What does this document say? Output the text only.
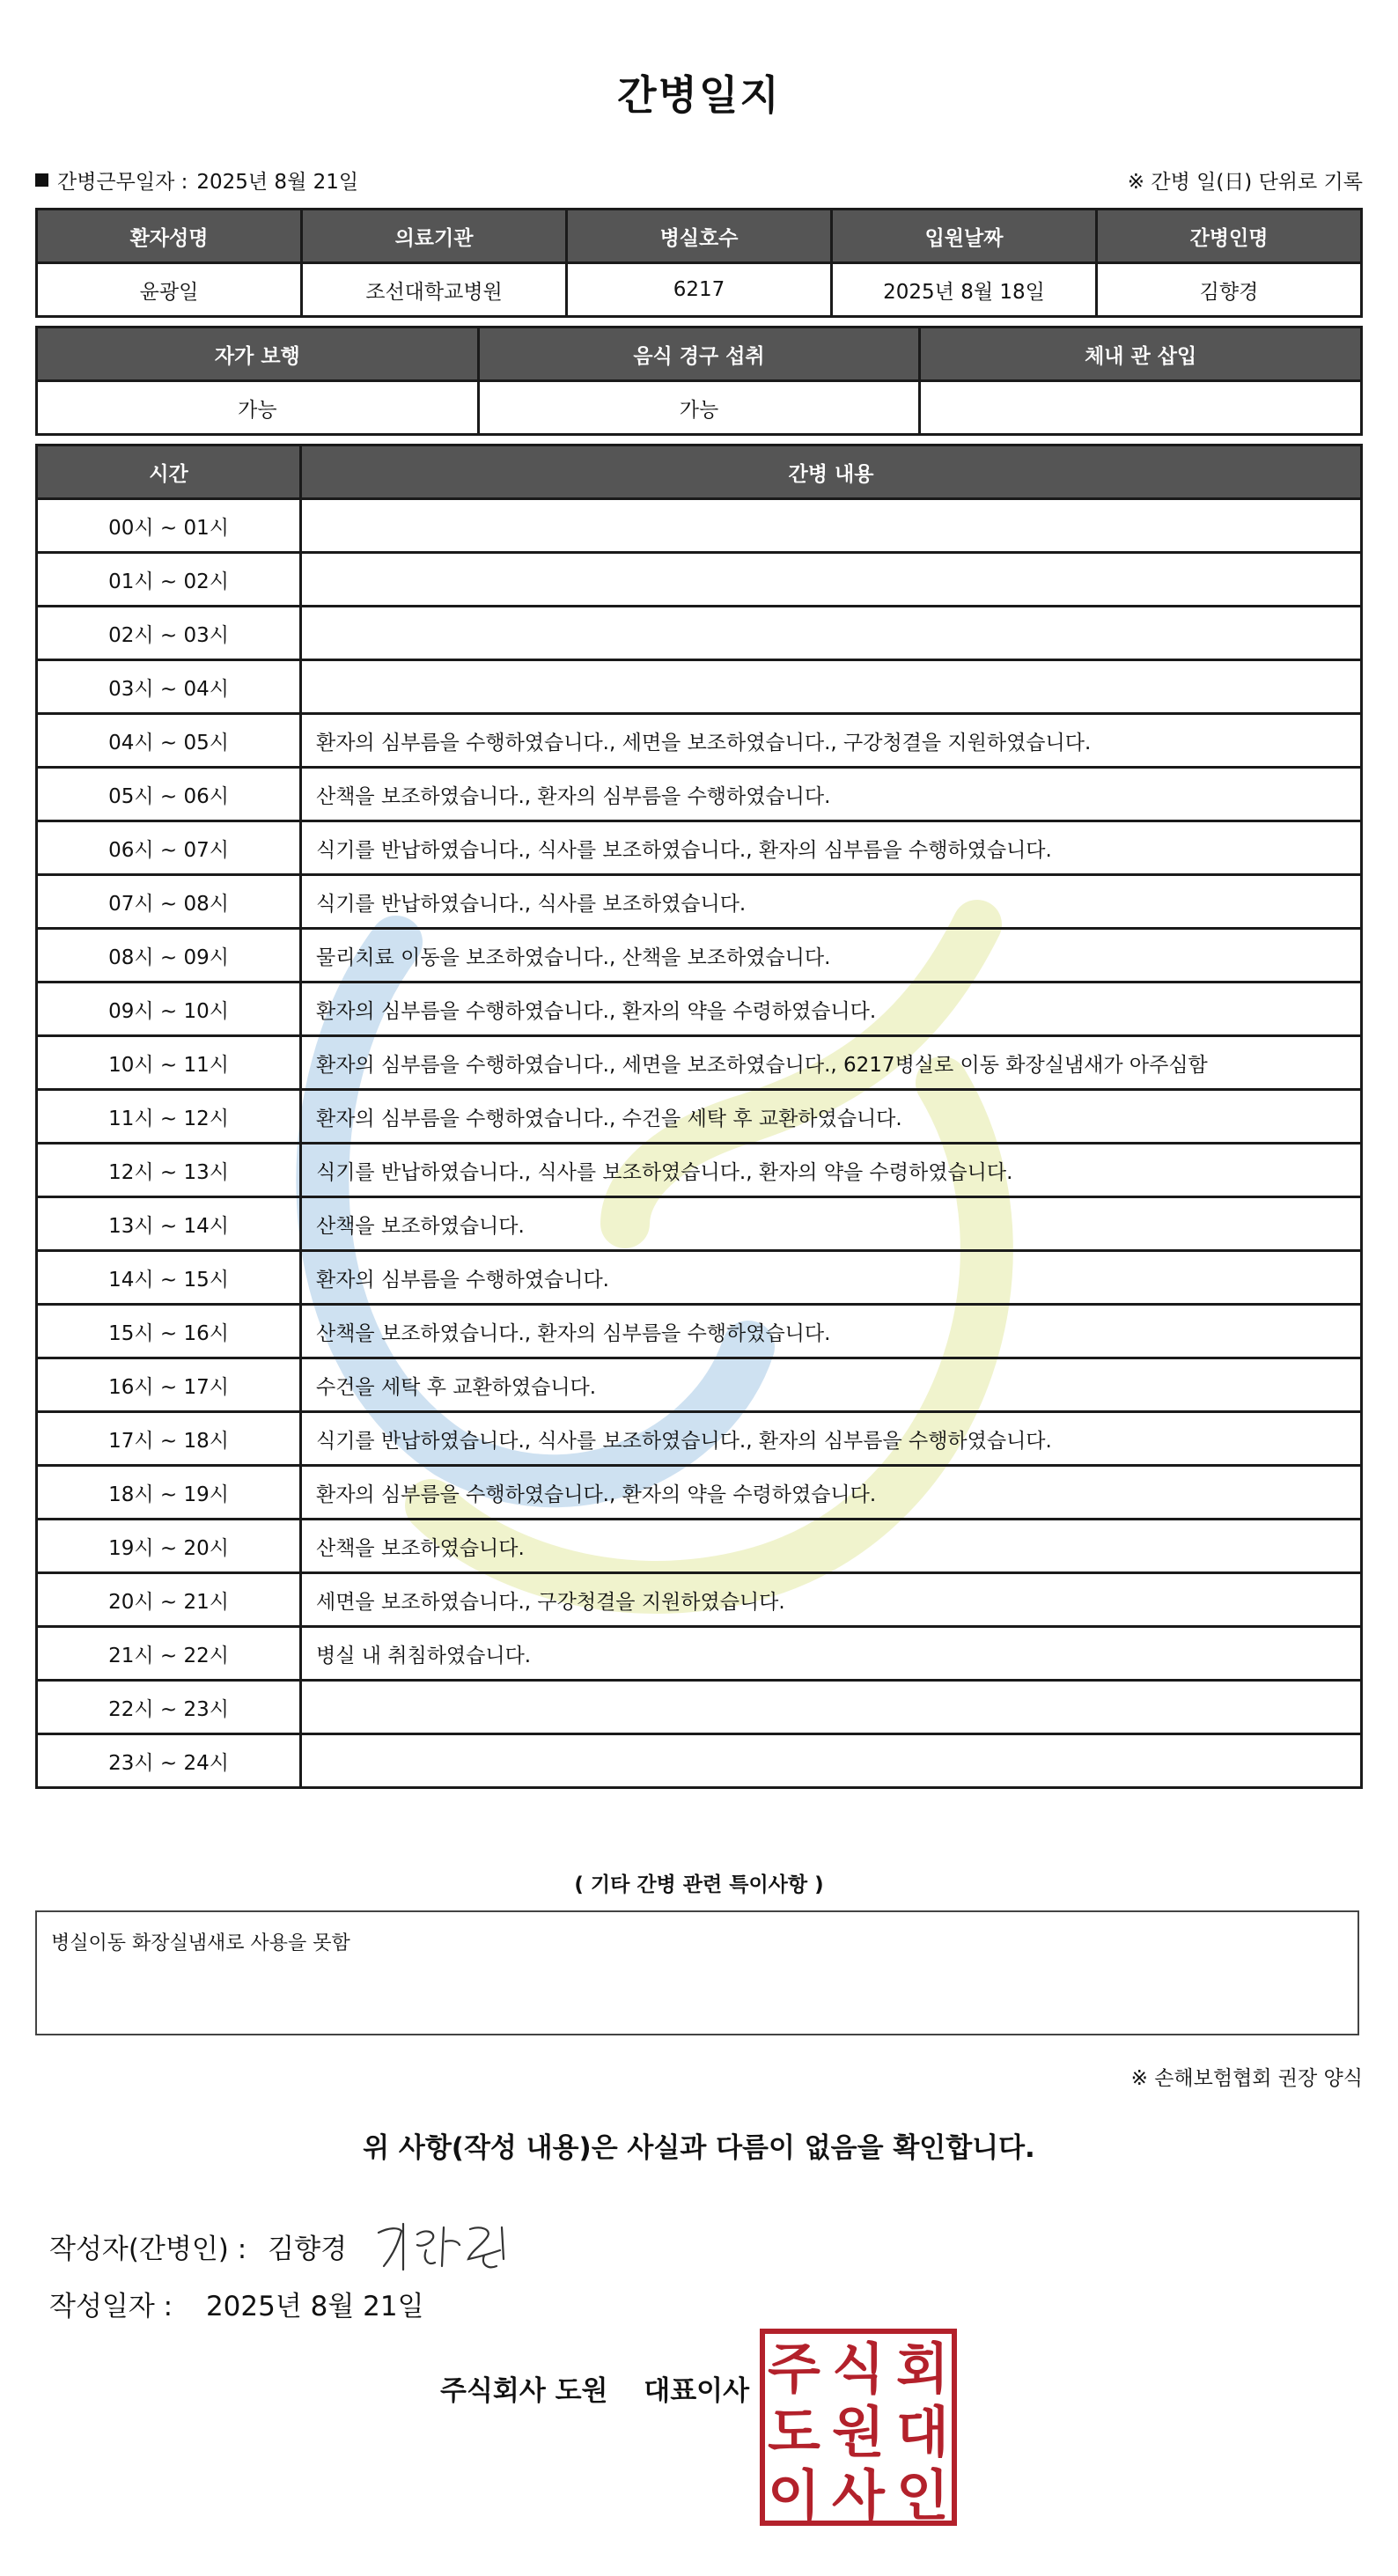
간병일지
간병근무일자 : 2025년 8월 21일	※ 간병 일(日) 단위로 기록
환자성명	의료기관	병실호수	입원날짜	간병인명
윤광일	조선대학교병원	6217	2025년 8월 18일	김향경
자가 보행	음식 경구 섭취	체내 관 삽입
가능	가능	
시간	간병 내용
00시 ~ 01시	
01시 ~ 02시	
02시 ~ 03시	
03시 ~ 04시	
04시 ~ 05시	환자의 심부름을 수행하였습니다., 세면을 보조하였습니다., 구강청결을 지원하였습니다.
05시 ~ 06시	산책을 보조하였습니다., 환자의 심부름을 수행하였습니다.
06시 ~ 07시	식기를 반납하였습니다., 식사를 보조하였습니다., 환자의 심부름을 수행하였습니다.
07시 ~ 08시	식기를 반납하였습니다., 식사를 보조하였습니다.
08시 ~ 09시	물리치료 이동을 보조하였습니다., 산책을 보조하였습니다.
09시 ~ 10시	환자의 심부름을 수행하였습니다., 환자의 약을 수령하였습니다.
10시 ~ 11시	환자의 심부름을 수행하였습니다., 세면을 보조하였습니다., 6217병실로 이동 화장실냄새가 아주심함
11시 ~ 12시	환자의 심부름을 수행하였습니다., 수건을 세탁 후 교환하였습니다.
12시 ~ 13시	식기를 반납하였습니다., 식사를 보조하였습니다., 환자의 약을 수령하였습니다.
13시 ~ 14시	산책을 보조하였습니다.
14시 ~ 15시	환자의 심부름을 수행하였습니다.
15시 ~ 16시	산책을 보조하였습니다., 환자의 심부름을 수행하였습니다.
16시 ~ 17시	수건을 세탁 후 교환하였습니다.
17시 ~ 18시	식기를 반납하였습니다., 식사를 보조하였습니다., 환자의 심부름을 수행하였습니다.
18시 ~ 19시	환자의 심부름을 수행하였습니다., 환자의 약을 수령하였습니다.
19시 ~ 20시	산책을 보조하였습니다.
20시 ~ 21시	세면을 보조하였습니다., 구강청결을 지원하였습니다.
21시 ~ 22시	병실 내 취침하였습니다.
22시 ~ 23시	
23시 ~ 24시	
( 기타 간병 관련 특이사항 )
병실이동 화장실냄새로 사용을 못함
※ 손해보험협회 권장 양식
위 사항(작성 내용)은 사실과 다름이 없음을 확인합니다.
작성자(간병인) : 김향경
작성일자 : 2025년 8월 21일
주식회사 도원 대표이사 주 식 회
도 원 대
이 사 인
